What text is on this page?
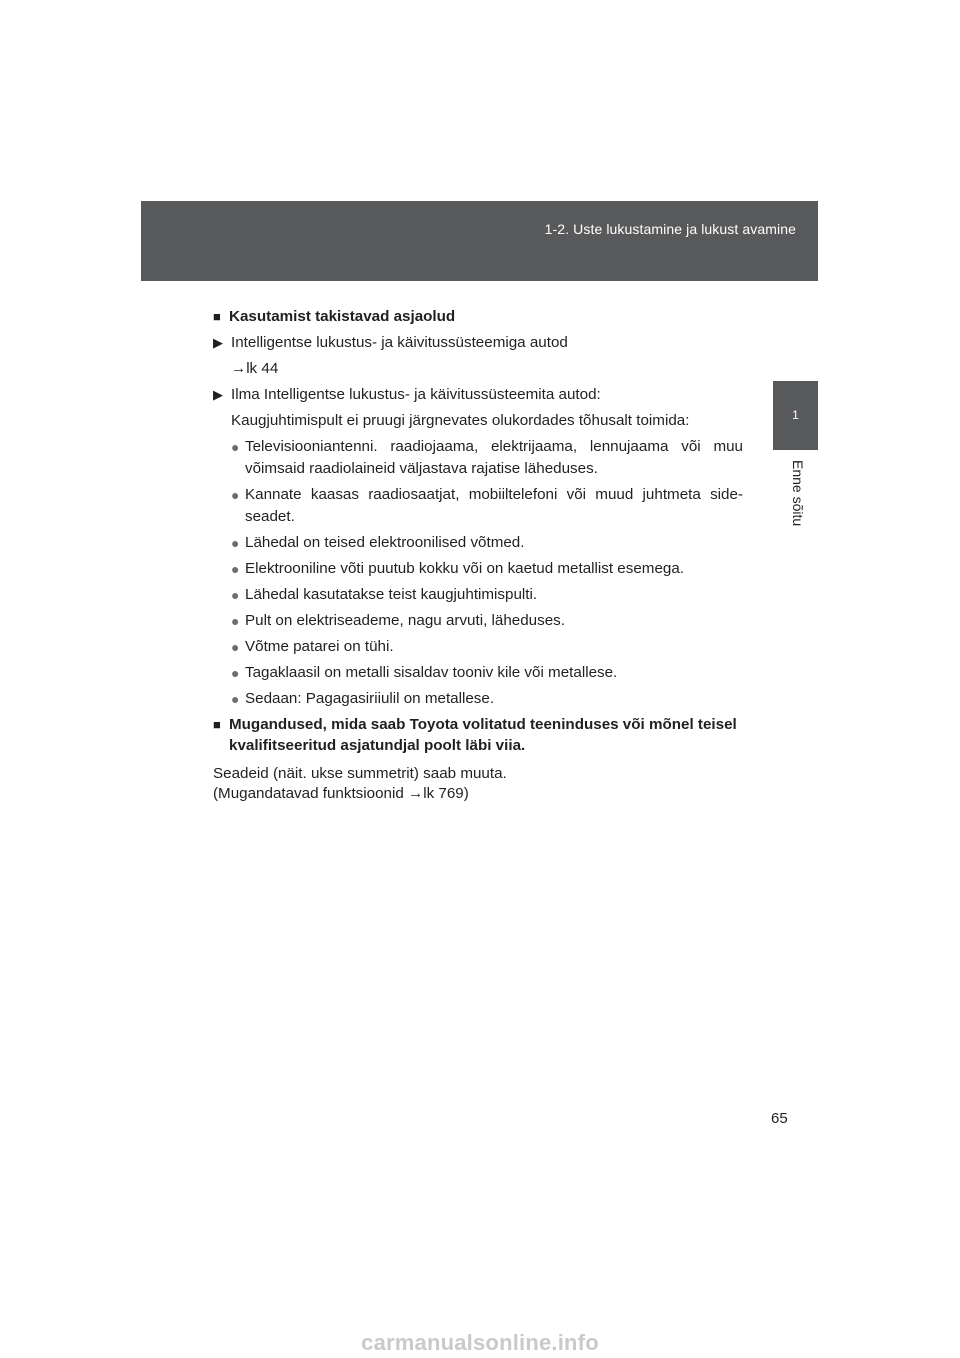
1-2. Uste lukustamine ja lukust avamine
1
Enne sõitu
■ Kasutamist takistavad asjaolud
▶ Intelligentse lukustus- ja käivitussüsteemiga autod
→lk 44
▶ Ilma Intelligentse lukustus- ja käivitussüsteemita autod:
Kaugjuhtimispult ei pruugi järgnevates olukordades tõhusalt toimida:
● Televisiooniantenni. raadiojaama, elektrijaama, lennujaama või muu võimsaid raadiolaineid väljastava rajatise läheduses.
● Kannate kaasas raadiosaatjat, mobiiltelefoni või muud juhtmeta side-seadet.
● Lähedal on teised elektroonilised võtmed.
● Elektrooniline võti puutub kokku või on kaetud metallist esemega.
● Lähedal kasutatakse teist kaugjuhtimispulti.
● Pult on elektriseademe, nagu arvuti, läheduses.
● Võtme patarei on tühi.
● Tagaklaasil on metalli sisaldav tooniv kile või metallese.
● Sedaan: Pagagasiriiulil on metallese.
■ Mugandused, mida saab Toyota volitatud teeninduses või mõnel teisel kvalifitseeritud asjatundjal poolt läbi viia.
Seadeid (näit. ukse summetrit) saab muuta.
(Mugandatavad funktsioonid →lk 769)
65
carmanualsonline.info
